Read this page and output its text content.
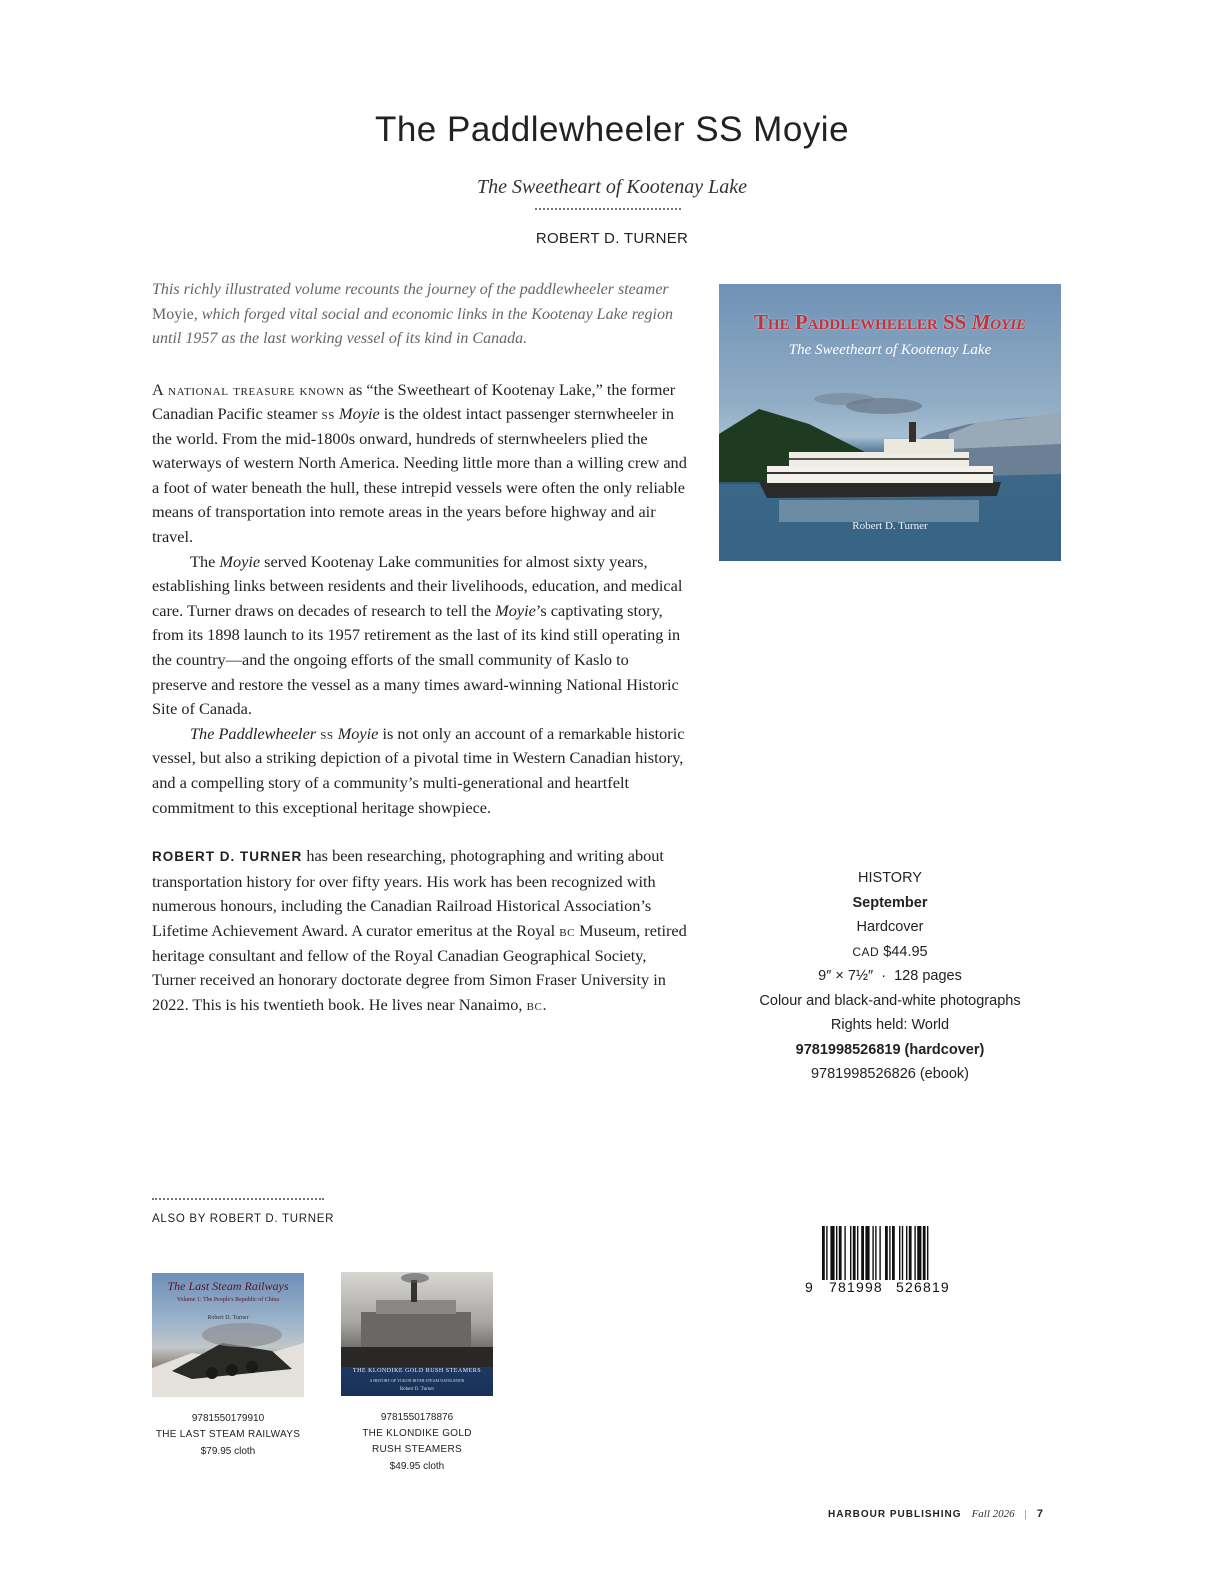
The Paddlewheeler SS Moyie
The Sweetheart of Kootenay Lake
ROBERT D. TURNER

This richly illustrated volume recounts the journey of the paddlewheeler steamer Moyie, which forged vital social and economic links in the Kootenay Lake region until 1957 as the last working vessel of its kind in Canada.

A national treasure known as “the Sweetheart of Kootenay Lake,” the former Canadian Pacific steamer ss Moyie is the oldest intact passenger sternwheeler in the world. From the mid-1800s onward, hundreds of sternwheelers plied the waterways of western North America. Needing little more than a willing crew and a foot of water beneath the hull, these intrepid vessels were often the only reliable means of transportation into remote areas in the years before highway and air travel.

The Moyie served Kootenay Lake communities for almost sixty years, establishing links between residents and their livelihoods, education, and medical care. Turner draws on decades of research to tell the Moyie’s captivating story, from its 1898 launch to its 1957 retirement as the last of its kind still operating in the country—and the ongoing efforts of the small community of Kaslo to preserve and restore the vessel as a many times award-winning National Historic Site of Canada.

The Paddlewheeler ss Moyie is not only an account of a remarkable historic vessel, but also a striking depiction of a pivotal time in Western Canadian history, and a compelling story of a community’s multi-generational and heartfelt commitment to this exceptional heritage showpiece.

ROBERT D. TURNER has been researching, photographing and writing about transportation history for over fifty years. His work has been recognized with numerous honours, including the Canadian Railroad Historical Association’s Lifetime Achievement Award. A curator emeritus at the Royal bc Museum, retired heritage consultant and fellow of the Royal Canadian Geographical Society, Turner received an honorary doctorate degree from Simon Fraser University in 2022. This is his twentieth book. He lives near Nanaimo, bc.

The Paddlewheeler SS Moyie
The Sweetheart of Kootenay Lake
Robert D. Turner
HISTORY
September
Hardcover
CAD $44.95
9″ × 7½″  ·  128 pages
Colour and black-and-white photographs
Rights held: World
9781998526819 (hardcover)
9781998526826 (ebook)
ALSO BY ROBERT D. TURNER
The Last Steam Railways
Volume 1: The People's Republic of China
Robert D. Turner
9781550179910
THE LAST STEAM RAILWAYS
$79.95 cloth
THE KLONDIKE GOLD RUSH STEAMERS
A HISTORY OF YUKON RIVER STEAM NAVIGATION
Robert D. Turner
9781550178876
THE KLONDIKE GOLD
RUSH STEAMERS
$49.95 cloth
9 781998 526819
HARBOUR PUBLISHING Fall 2026 | 7
